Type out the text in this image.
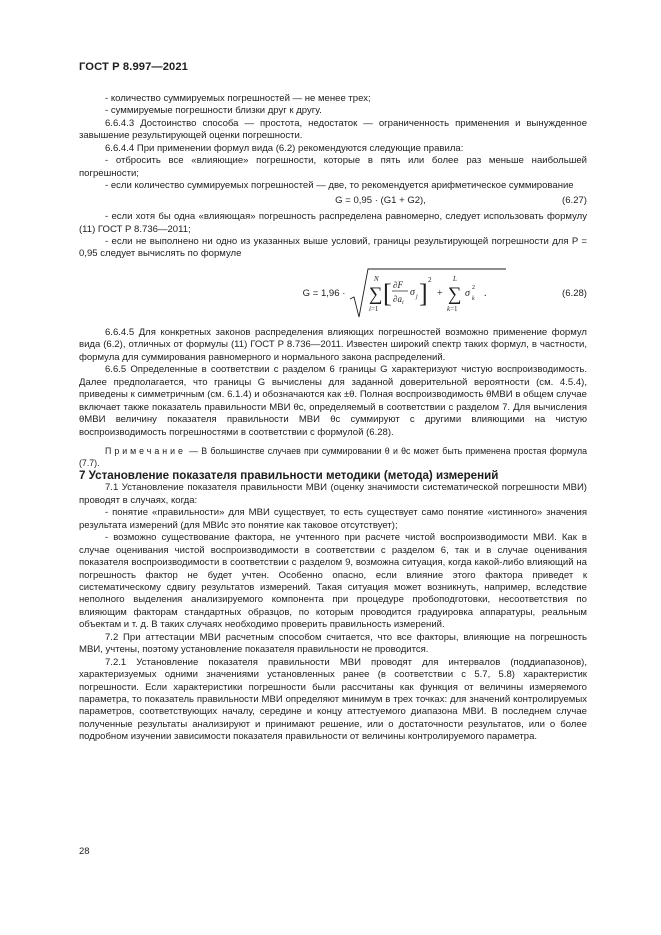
ГОСТ Р 8.997—2021

- количество суммируемых погрешностей — не менее трех;

- суммируемые погрешности близки друг к другу.

6.6.4.3 Достоинство способа — простота, недостаток — ограниченность применения и вынужденное завышение результирующей оценки погрешности.

6.6.4.4 При применении формул вида (6.2) рекомендуются следующие правила:

- отбросить все «влияющие» погрешности, которые в пять или более раз меньше наибольшей погрешности;

- если количество суммируемых погрешностей — две, то рекомендуется арифметическое суммирование

G = 0,95 · (G1 + G2),	(6.27)

- если хотя бы одна «влияющая» погрешность распределена равномерно, следует использовать формулу (11) ГОСТ Р 8.736—2011;

- если не выполнено ни одно из указанных выше условий, границы результирующей погрешности для P = 0,95 следует вычислять по формуле

G = 1,96 ·
N
∑
i=1
[ ∂F
$\partial a_i$
σ j ] 2
+
L
∑
k=1
σ 2
k .	(6.28)

6.6.4.5 Для конкретных законов распределения влияющих погрешностей возможно применение формул вида (6.2), отличных от формулы (11) ГОСТ Р 8.736—2011. Известен широкий спектр таких формул, в частности, формула для суммирования равномерного и нормального закона распределений.

6.6.5 Определенные в соответствии с разделом 6 границы G характеризуют чистую воспроизводимость. Далее предполагается, что границы G вычислены для заданной доверительной вероятности (см. 4.5.4), приведены к симметричным (см. 6.1.4) и обозначаются как ±θ. Полная воспроизводимость θМВИ в общем случае включает также показатель правильности МВИ θс, определяемый в соответствии с разделом 7. Для вычисления θМВИ величину показателя правильности МВИ θс суммируют с другими влияющими на чистую воспроизводимость погрешностями в соответствии с формулой (6.28).

Примечание — В большинстве случаев при суммировании θ и θс может быть применена простая формула (7.7).

7 Установление показателя правильности методики (метода) измерений

7.1 Установление показателя правильности МВИ (оценку значимости систематической погрешности МВИ) проводят в случаях, когда:

- понятие «правильности» для МВИ существует, то есть существует само понятие «истинного» значения результата измерений (для МВИс это понятие как таковое отсутствует);

- возможно существование фактора, не учтенного при расчете чистой воспроизводимости МВИ. Как в случае оценивания чистой воспроизводимости в соответствии с разделом 6, так и в случае оценивания показателя воспроизводимости в соответствии с разделом 9, возможна ситуация, когда какой-либо влияющий на погрешность фактор не будет учтен. Особенно опасно, если влияние этого фактора приведет к систематическому сдвигу результатов измерений. Такая ситуация может возникнуть, например, вследствие неполного выделения анализируемого компонента при процедуре пробоподготовки, несоответствия по влияющим факторам стандартных образцов, по которым проводится градуировка аппаратуры, реальным объектам и т. д. В таких случаях необходимо проверить правильность измерений.

7.2 При аттестации МВИ расчетным способом считается, что все факторы, влияющие на погрешность МВИ, учтены, поэтому установление показателя правильности не проводится.

7.2.1 Установление показателя правильности МВИ проводят для интервалов (поддиапазонов), характеризуемых одними значениями установленных ранее (в соответствии с 5.7, 5.8) характеристик погрешности. Если характеристики погрешности были рассчитаны как функция от величины измеряемого параметра, то показатель правильности МВИ определяют минимум в трех точках: для значений контролируемых параметров, соответствующих началу, середине и концу аттестуемого диапазона МВИ. В последнем случае полученные результаты анализируют и принимают решение, или о достаточности результатов, или о более подробном изучении зависимости показателя правильности от величины контролируемого параметра.

28
